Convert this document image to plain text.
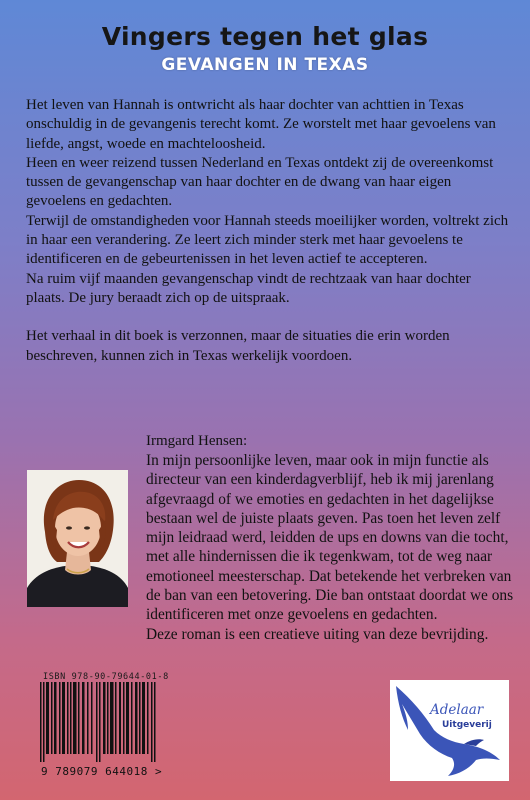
Vingers tegen het glas
GEVANGEN IN TEXAS

Het leven van Hannah is ontwricht als haar dochter van achttien in Texas onschuldig in de gevangenis terecht komt. Ze worstelt met haar gevoelens van liefde, angst, woede en machteloosheid.

Heen en weer reizend tussen Nederland en Texas ontdekt zij de overeenkomst tussen de gevangenschap van haar dochter en de dwang van haar eigen gevoelens en gedachten.

Terwijl de omstandigheden voor Hannah steeds moeilijker worden, voltrekt zich in haar een verandering. Ze leert zich minder sterk met haar gevoelens te identificeren en de gebeurtenissen in het leven actief te accepteren.

Na ruim vijf maanden gevangenschap vindt de rechtzaak van haar dochter plaats. De jury beraadt zich op de uitspraak.

Het verhaal in dit boek is verzonnen, maar de situaties die erin worden beschreven, kunnen zich in Texas werkelijk voordoen.

Irmgard Hensen:
In mijn persoonlijke leven, maar ook in mijn functie als directeur van een kinderdagverblijf, heb ik mij jarenlang afgevraagd of we emoties en gedachten in het dagelijkse bestaan wel de juiste plaats geven. Pas toen het leven zelf mijn leidraad werd, leidden de ups en downs van die tocht, met alle hindernissen die ik tegenkwam, tot de weg naar emotioneel meesterschap. Dat betekende het verbreken van de ban van een betovering. Die ban ontstaat doordat we ons identificeren met onze gevoelens en gedachten.
Deze roman is een creatieve uiting van deze bevrijding.
ISBN 978-90-79644-01-8
9 789079 644018 >
Adelaar
Uitgeverij
